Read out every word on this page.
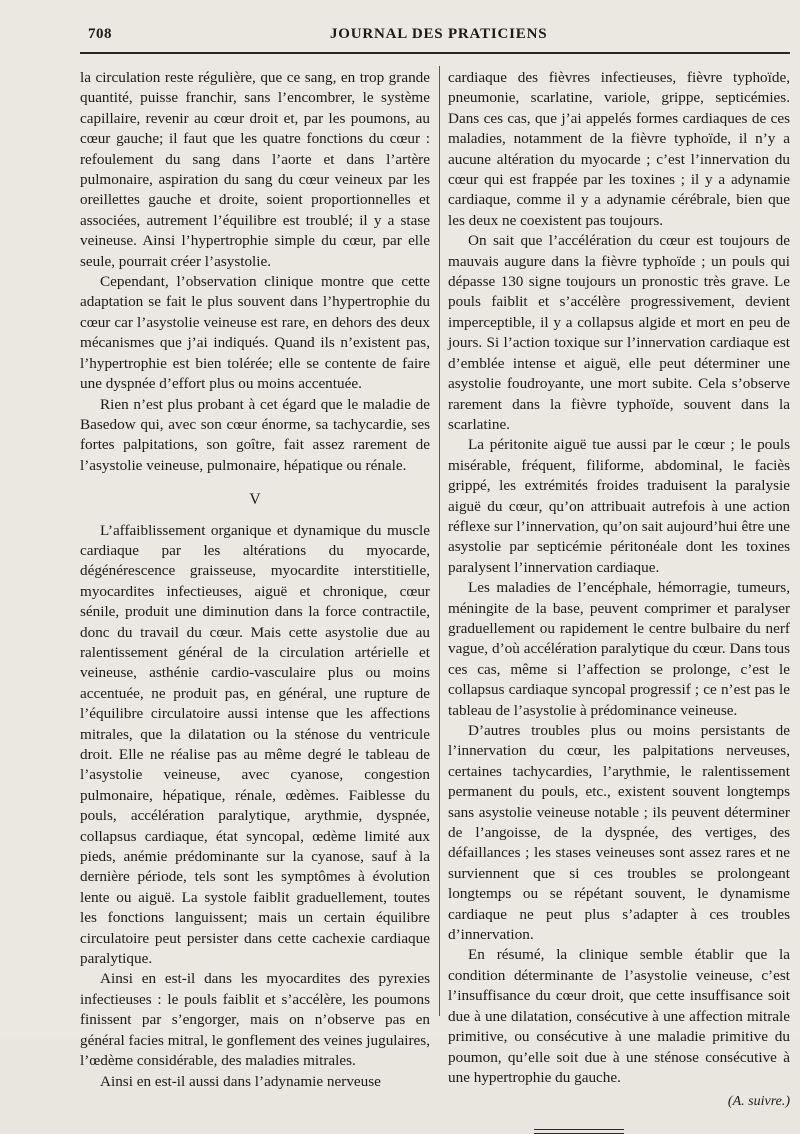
708	JOURNAL DES PRATICIENS

la circulation reste régulière, que ce sang, en trop grande quantité, puisse franchir, sans l’encombrer, le système capillaire, revenir au cœur droit et, par les poumons, au cœur gauche; il faut que les quatre fonctions du cœur : refoulement du sang dans l’aorte et dans l’artère pulmonaire, aspiration du sang du cœur veineux par les oreillettes gauche et droite, soient proportionnelles et associées, autrement l’équilibre est troublé; il y a stase veineuse. Ainsi l’hypertrophie simple du cœur, par elle seule, pourrait créer l’asystolie.

Cependant, l’observation clinique montre que cette adaptation se fait le plus souvent dans l’hypertrophie du cœur car l’asystolie veineuse est rare, en dehors des deux mécanismes que j’ai indiqués. Quand ils n’existent pas, l’hypertrophie est bien tolérée; elle se contente de faire une dyspnée d’effort plus ou moins accentuée.

Rien n’est plus probant à cet égard que le maladie de Basedow qui, avec son cœur énorme, sa tachycardie, ses fortes palpitations, son goître, fait assez rarement de l’asystolie veineuse, pulmonaire, hépatique ou rénale.

V

L’affaiblissement organique et dynamique du muscle cardiaque par les altérations du myocarde, dégénérescence graisseuse, myocardite interstitielle, myocardites infectieuses, aiguë et chronique, cœur sénile, produit une diminution dans la force contractile, donc du travail du cœur. Mais cette asystolie due au ralentissement général de la circulation artérielle et veineuse, asthénie cardio-vasculaire plus ou moins accentuée, ne produit pas, en général, une rupture de l’équilibre circulatoire aussi intense que les affections mitrales, que la dilatation ou la sténose du ventricule droit. Elle ne réalise pas au même degré le tableau de l’asystolie veineuse, avec cyanose, congestion pulmonaire, hépatique, rénale, œdèmes. Faiblesse du pouls, accélération paralytique, arythmie, dyspnée, collapsus cardiaque, état syncopal, œdème limité aux pieds, anémie prédominante sur la cyanose, sauf à la dernière période, tels sont les symptômes à évolution lente ou aiguë. La systole faiblit graduellement, toutes les fonctions languissent; mais un certain équilibre circulatoire peut persister dans cette cachexie cardiaque paralytique.

Ainsi en est-il dans les myocardites des pyrexies infectieuses : le pouls faiblit et s’accélère, les poumons finissent par s’engorger, mais on n’observe pas en général facies mitral, le gonflement des veines jugulaires, l’œdème considérable, des maladies mitrales.

Ainsi en est-il aussi dans l’adynamie nerveuse

cardiaque des fièvres infectieuses, fièvre typhoïde, pneumonie, scarlatine, variole, grippe, septicémies. Dans ces cas, que j’ai appelés formes cardiaques de ces maladies, notamment de la fièvre typhoïde, il n’y a aucune altération du myocarde ; c’est l’innervation du cœur qui est frappée par les toxines ; il y a adynamie cardiaque, comme il y a adynamie cérébrale, bien que les deux ne coexistent pas toujours.

On sait que l’accélération du cœur est toujours de mauvais augure dans la fièvre typhoïde ; un pouls qui dépasse 130 signe toujours un pronostic très grave. Le pouls faiblit et s’accélère progressivement, devient imperceptible, il y a collapsus algide et mort en peu de jours. Si l’action toxique sur l’innervation cardiaque est d’emblée intense et aiguë, elle peut déterminer une asystolie foudroyante, une mort subite. Cela s’observe rarement dans la fièvre typhoïde, souvent dans la scarlatine.

La péritonite aiguë tue aussi par le cœur ; le pouls misérable, fréquent, filiforme, abdominal, le faciès grippé, les extrémités froides traduisent la paralysie aiguë du cœur, qu’on attribuait autrefois à une action réflexe sur l’innervation, qu’on sait aujourd’hui être une asystolie par septicémie péritonéale dont les toxines paralysent l’innervation cardiaque.

Les maladies de l’encéphale, hémorragie, tumeurs, méningite de la base, peuvent comprimer et paralyser graduellement ou rapidement le centre bulbaire du nerf vague, d’où accélération paralytique du cœur. Dans tous ces cas, même si l’affection se prolonge, c’est le collapsus cardiaque syncopal progressif ; ce n’est pas le tableau de l’asystolie à prédominance veineuse.

D’autres troubles plus ou moins persistants de l’innervation du cœur, les palpitations nerveuses, certaines tachycardies, l’arythmie, le ralentissement permanent du pouls, etc., existent souvent longtemps sans asystolie veineuse notable ; ils peuvent déterminer de l’angoisse, de la dyspnée, des vertiges, des défaillances ; les stases veineuses sont assez rares et ne surviennent que si ces troubles se prolongeant longtemps ou se répétant souvent, le dynamisme cardiaque ne peut plus s’adapter à ces troubles d’innervation.

En résumé, la clinique semble établir que la condition déterminante de l’asystolie veineuse, c’est l’insuffisance du cœur droit, que cette insuffisance soit due à une dilatation, consécutive à une affection mitrale primitive, ou consécutive à une maladie primitive du poumon, qu’elle soit due à une sténose consécutive à une hypertrophie du gauche.

(A. suivre.)
